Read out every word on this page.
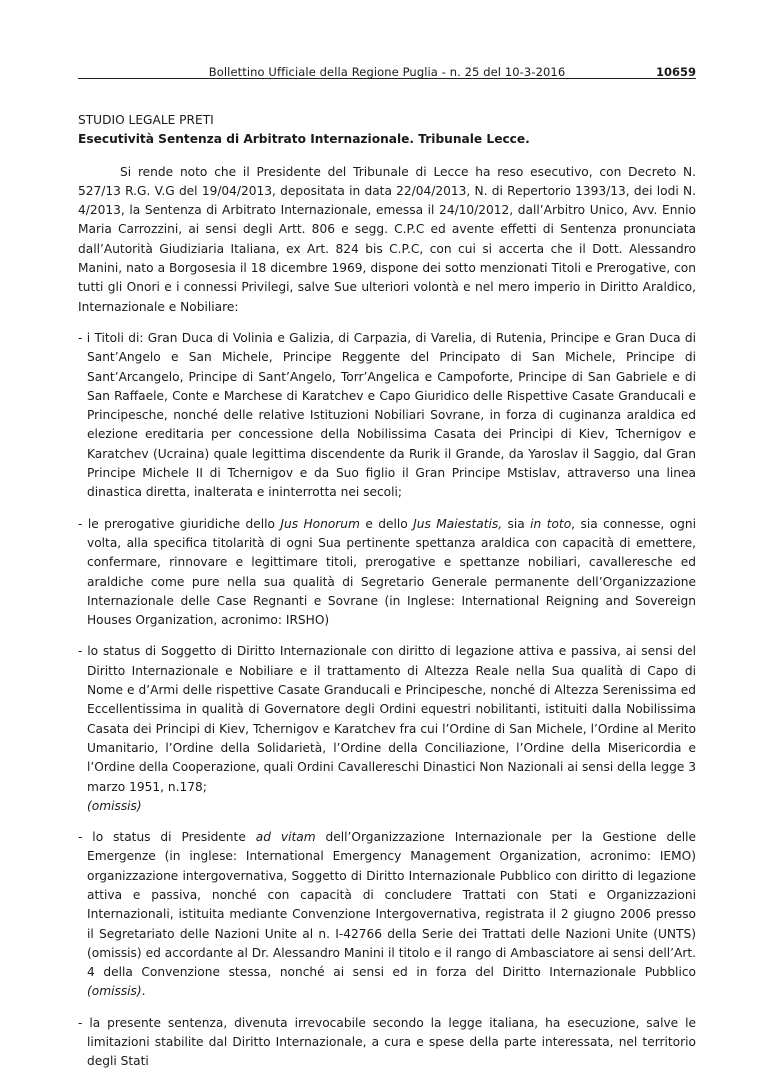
Bollettino Ufficiale della Regione Puglia - n. 25 del 10-3-2016	10659

STUDIO LEGALE PRETI

Esecutività Sentenza di Arbitrato Internazionale. Tribunale Lecce.

Si rende noto che il Presidente del Tribunale di Lecce ha reso esecutivo, con Decreto N. 527/13 R.G. V.G del 19/04/2013, depositata in data 22/04/2013, N. di Repertorio 1393/13, dei lodi N. 4/2013, la Sentenza di Arbitrato Internazionale, emessa il 24/10/2012, dall’Arbitro Unico, Avv. Ennio Maria Carrozzini, ai sensi degli Artt. 806 e segg. C.P.C ed avente effetti di Sentenza pronunciata dall’Autorità Giudiziaria Italiana, ex Art. 824 bis C.P.C, con cui si accerta che il Dott. Alessandro Manini, nato a Borgosesia il 18 dicembre 1969, dispone dei sotto menzionati Titoli e Prerogative, con tutti gli Onori e i connessi Privilegi, salve Sue ulteriori volontà e nel mero imperio in Diritto Araldico, Internazionale e Nobiliare:

- i Titoli di: Gran Duca di Volinia e Galizia, di Carpazia, di Varelia, di Rutenia, Principe e Gran Duca di Sant’Angelo e San Michele, Principe Reggente del Principato di San Michele, Principe di Sant’Arcangelo, Principe di Sant’Angelo, Torr’Angelica e Campoforte, Principe di San Gabriele e di San Raffaele, Conte e Marchese di Karatchev e Capo Giuridico delle Rispettive Casate Granducali e Principesche, nonché delle relative Istituzioni Nobiliari Sovrane, in forza di cuginanza araldica ed elezione ereditaria per concessione della Nobilissima Casata dei Principi di Kiev, Tchernigov e Karatchev (Ucraina) quale legittima discendente da Rurik il Grande, da Yaroslav il Saggio, dal Gran Principe Michele II di Tchernigov e da Suo figlio il Gran Principe Mstislav, attraverso una linea dinastica diretta, inalterata e ininterrotta nei secoli;

- le prerogative giuridiche dello Jus Honorum e dello Jus Maiestatis, sia in toto, sia connesse, ogni volta, alla specifica titolarità di ogni Sua pertinente spettanza araldica con capacità di emettere, confermare, rinnovare e legittimare titoli, prerogative e spettanze nobiliari, cavalleresche ed araldiche come pure nella sua qualità di Segretario Generale permanente dell’Organizzazione Internazionale delle Case Regnanti e Sovrane (in Inglese: International Reigning and Sovereign Houses Organization, acronimo: IRSHO)

- lo status di Soggetto di Diritto Internazionale con diritto di legazione attiva e passiva, ai sensi del Diritto Internazionale e Nobiliare e il trattamento di Altezza Reale nella Sua qualità di Capo di Nome e d’Armi delle rispettive Casate Granducali e Principesche, nonché di Altezza Serenissima ed Eccellentissima in qualità di Governatore degli Ordini equestri nobilitanti, istituiti dalla Nobilissima Casata dei Principi di Kiev, Tchernigov e Karatchev fra cui l’Ordine di San Michele, l’Ordine al Merito Umanitario, l’Ordine della Solidarietà, l’Ordine della Conciliazione, l’Ordine della Misericordia e l’Ordine della Cooperazione, quali Ordini Cavallereschi Dinastici Non Nazionali ai sensi della legge 3 marzo 1951, n.178;
(omissis)

- lo status di Presidente ad vitam dell’Organizzazione Internazionale per la Gestione delle Emergenze (in inglese: International Emergency Management Organization, acronimo: IEMO) organizzazione intergovernativa, Soggetto di Diritto Internazionale Pubblico con diritto di legazione attiva e passiva, nonché con capacità di concludere Trattati con Stati e Organizzazioni Internazionali, istituita mediante Convenzione Intergovernativa, registrata il 2 giugno 2006 presso il Segretariato delle Nazioni Unite al n. I-42766 della Serie dei Trattati delle Nazioni Unite (UNTS) (omissis) ed accordante al Dr. Alessandro Manini il titolo e il rango di Ambasciatore ai sensi dell’Art. 4 della Convenzione stessa, nonché ai sensi ed in forza del Diritto Internazionale Pubblico (omissis).

- la presente sentenza, divenuta irrevocabile secondo la legge italiana, ha esecuzione, salve le limitazioni stabilite dal Diritto Internazionale, a cura e spese della parte interessata, nel territorio degli Stati
